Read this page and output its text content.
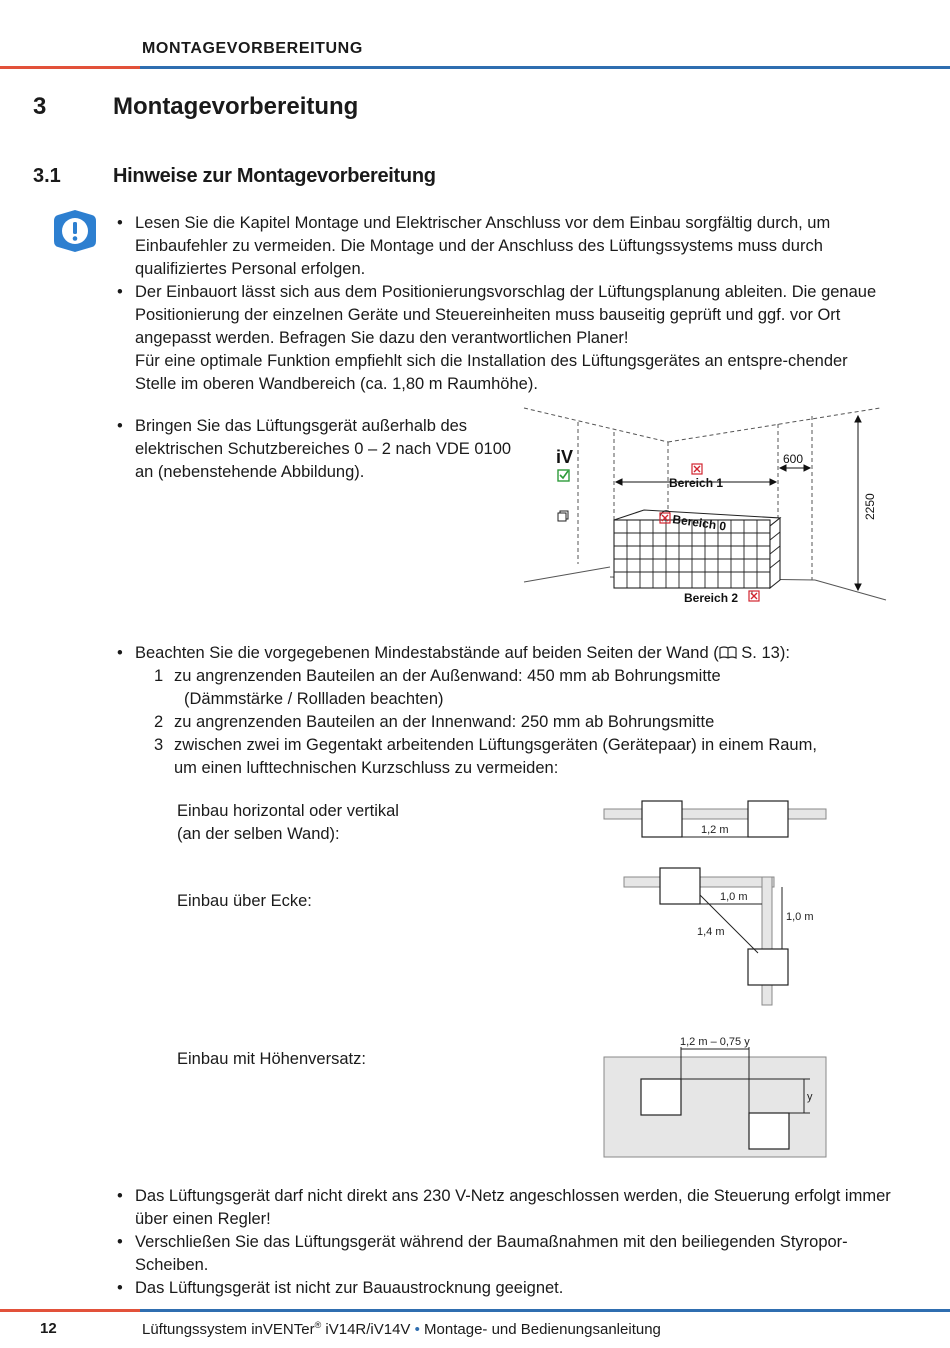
MONTAGEVORBEREITUNG
3	Montagevorbereitung
3.1	Hinweise zur Montagevorbereitung
• Lesen Sie die Kapitel Montage und Elektrischer Anschluss vor dem Einbau sorgfältig durch, um Einbaufehler zu vermeiden. Die Montage und der Anschluss des Lüftungssystems muss durch qualifiziertes Personal erfolgen.
• Der Einbauort lässt sich aus dem Positionierungsvorschlag der Lüftungsplanung ableiten. Die genaue Positionierung der einzelnen Geräte und Steuereinheiten muss bauseitig geprüft und ggf. vor Ort angepasst werden. Befragen Sie dazu den verantwortlichen Planer!
Für eine optimale Funktion empfiehlt sich die Installation des Lüftungsgerätes an entspre-chender Stelle im oberen Wandbereich (ca. 1,80 m Raumhöhe).
• Bringen Sie das Lüftungsgerät außerhalb des elektrischen Schutzbereiches 0 – 2 nach VDE 0100 an (nebenstehende Abbildung).
iV
Bereich 1
Bereich 0
Bereich 2
600
2250
• Beachten Sie die vorgegebenen Mindestabstände auf beiden Seiten der Wand ( S. 13):
1 zu angrenzenden Bauteilen an der Außenwand: 450 mm ab Bohrungsmitte
(Dämmstärke / Rollladen beachten)
2 zu angrenzenden Bauteilen an der Innenwand: 250 mm ab Bohrungsmitte
3 zwischen zwei im Gegentakt arbeitenden Lüftungsgeräten (Gerätepaar) in einem Raum,
um einen lufttechnischen Kurzschluss zu vermeiden:
Einbau horizontal oder vertikal
(an der selben Wand):
Einbau über Ecke:
Einbau mit Höhenversatz:
1,2 m
1,0 m
1,0 m
1,4 m
1,2 m – 0,75 y
y
• Das Lüftungsgerät darf nicht direkt ans 230 V-Netz angeschlossen werden, die Steuerung erfolgt immer über einen Regler!
• Verschließen Sie das Lüftungsgerät während der Baumaßnahmen mit den beiliegenden Styropor-Scheiben.
• Das Lüftungsgerät ist nicht zur Bauaustrocknung geeignet.
12	Lüftungssystem inVENTer® iV14R/iV14V • Montage- und Bedienungsanleitung
